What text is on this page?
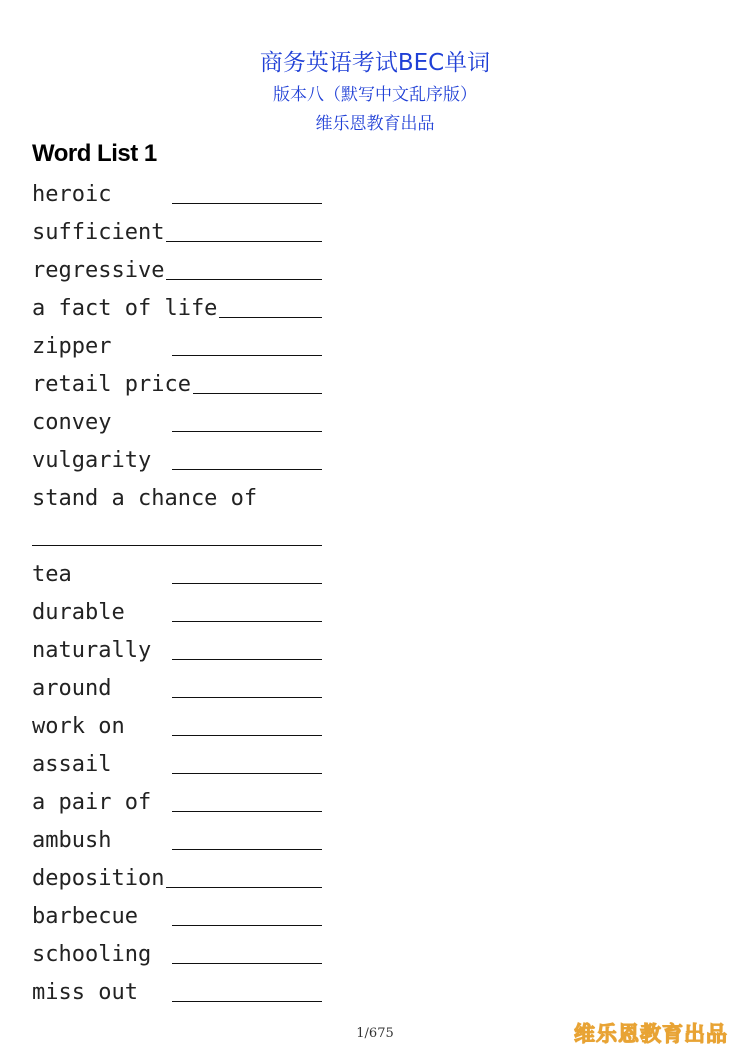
商务英语考试BEC单词
版本八（默写中文乱序版）
维乐恩教育出品
Word List 1
heroic
sufficient
regressive
a fact of life
zipper
retail price
convey
vulgarity
stand a chance of
tea
durable
naturally
around
work on
assail
a pair of
ambush
deposition
barbecue
schooling
miss out
1/675	维乐恩教育出品
